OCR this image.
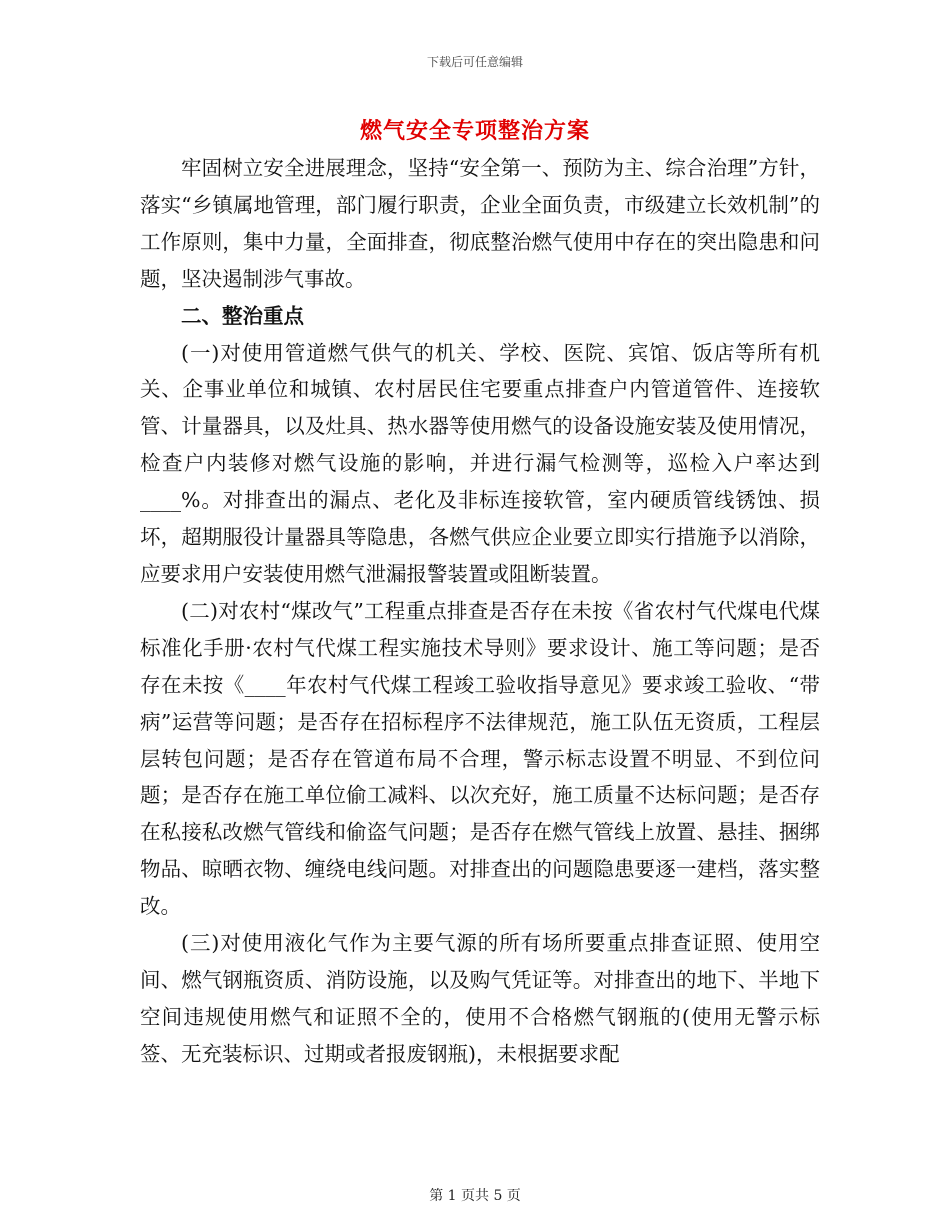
下载后可任意编辑
燃气安全专项整治方案

牢固树立安全进展理念，坚持“安全第一、预防为主、综合治理”方针，落实“乡镇属地管理，部门履行职责，企业全面负责，市级建立长效机制”的工作原则，集中力量，全面排查，彻底整治燃气使用中存在的突出隐患和问题，坚决遏制涉气事故。

二、整治重点

(一)对使用管道燃气供气的机关、学校、医院、宾馆、饭店等所有机关、企事业单位和城镇、农村居民住宅要重点排查户内管道管件、连接软管、计量器具，以及灶具、热水器等使用燃气的设备设施安装及使用情况，检查户内装修对燃气设施的影响，并进行漏气检测等，巡检入户率达到____%。对排查出的漏点、老化及非标连接软管，室内硬质管线锈蚀、损坏，超期服役计量器具等隐患，各燃气供应企业要立即实行措施予以消除，应要求用户安装使用燃气泄漏报警装置或阻断装置。

(二)对农村“煤改气”工程重点排查是否存在未按《省农村气代煤电代煤标准化手册·农村气代煤工程实施技术导则》要求设计、施工等问题；是否存在未按《____年农村气代煤工程竣工验收指导意见》要求竣工验收、“带病”运营等问题；是否存在招标程序不法律规范，施工队伍无资质，工程层层转包问题；是否存在管道布局不合理，警示标志设置不明显、不到位问题；是否存在施工单位偷工减料、以次充好，施工质量不达标问题；是否存在私接私改燃气管线和偷盗气问题；是否存在燃气管线上放置、悬挂、捆绑物品、晾晒衣物、缠绕电线问题。对排查出的问题隐患要逐一建档，落实整改。

(三)对使用液化气作为主要气源的所有场所要重点排查证照、使用空间、燃气钢瓶资质、消防设施，以及购气凭证等。对排查出的地下、半地下空间违规使用燃气和证照不全的，使用不合格燃气钢瓶的(使用无警示标签、无充装标识、过期或者报废钢瓶)，未根据要求配

第 1 页共 5 页
